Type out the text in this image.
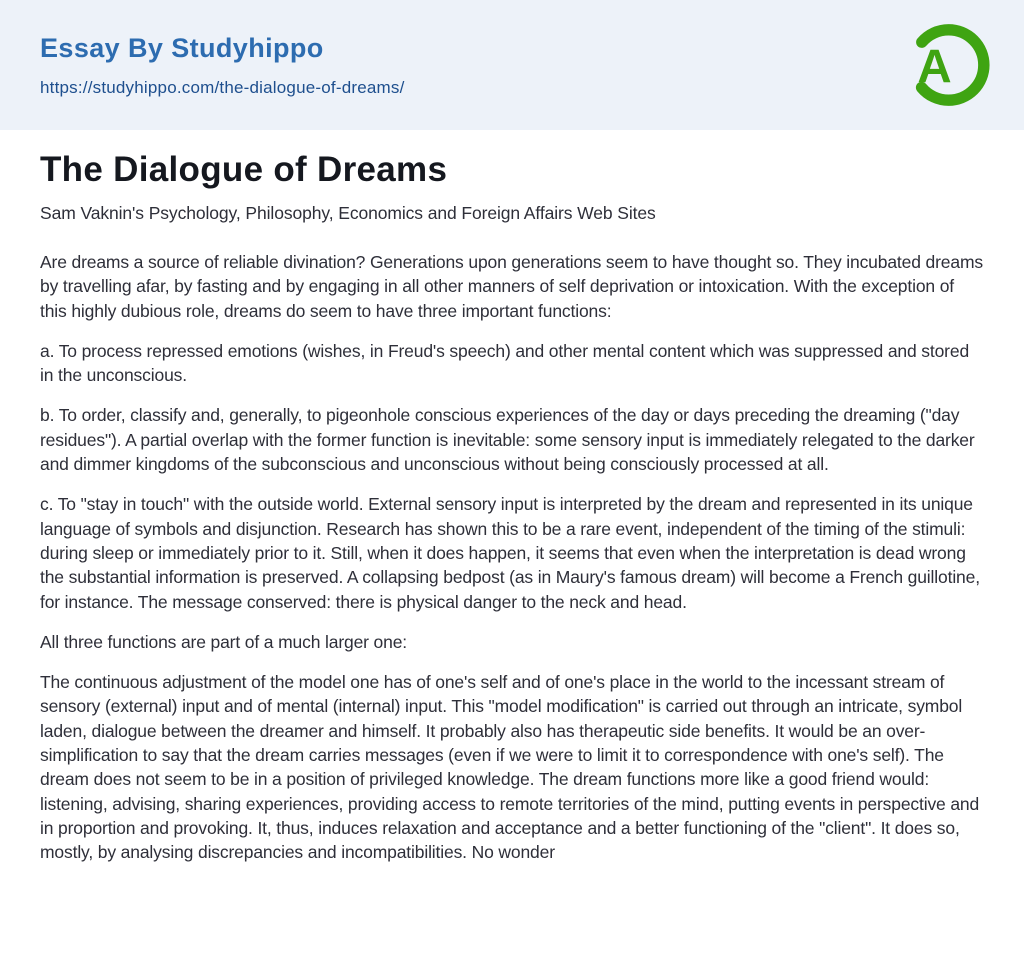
Essay By Studyhippo
https://studyhippo.com/the-dialogue-of-dreams/	A
The Dialogue of Dreams
Sam Vaknin's Psychology, Philosophy, Economics and Foreign Affairs Web Sites

Are dreams a source of reliable divination? Generations upon generations seem to have thought so. They incubated dreams by travelling afar, by fasting and by engaging in all other manners of self deprivation or intoxication. With the exception of this highly dubious role, dreams do seem to have three important functions:

a. To process repressed emotions (wishes, in Freud's speech) and other mental content which was suppressed and stored in the unconscious.

b. To order, classify and, generally, to pigeonhole conscious experiences of the day or days preceding the dreaming ("day residues"). A partial overlap with the former function is inevitable: some sensory input is immediately relegated to the darker and dimmer kingdoms of the subconscious and unconscious without being consciously processed at all.

c. To "stay in touch" with the outside world. External sensory input is interpreted by the dream and represented in its unique language of symbols and disjunction. Research has shown this to be a rare event, independent of the timing of the stimuli: during sleep or immediately prior to it. Still, when it does happen, it seems that even when the interpretation is dead wrong the substantial information is preserved. A collapsing bedpost (as in Maury's famous dream) will become a French guillotine, for instance. The message conserved: there is physical danger to the neck and head.

All three functions are part of a much larger one:

The continuous adjustment of the model one has of one's self and of one's place in the world to the incessant stream of sensory (external) input and of mental (internal) input. This "model modification" is carried out through an intricate, symbol laden, dialogue between the dreamer and himself. It probably also has therapeutic side benefits. It would be an over-simplification to say that the dream carries messages (even if we were to limit it to correspondence with one's self). The dream does not seem to be in a position of privileged knowledge. The dream functions more like a good friend would: listening, advising, sharing experiences, providing access to remote territories of the mind, putting events in perspective and in proportion and provoking. It, thus, induces relaxation and acceptance and a better functioning of the "client". It does so, mostly, by analysing discrepancies and incompatibilities. No wonder
